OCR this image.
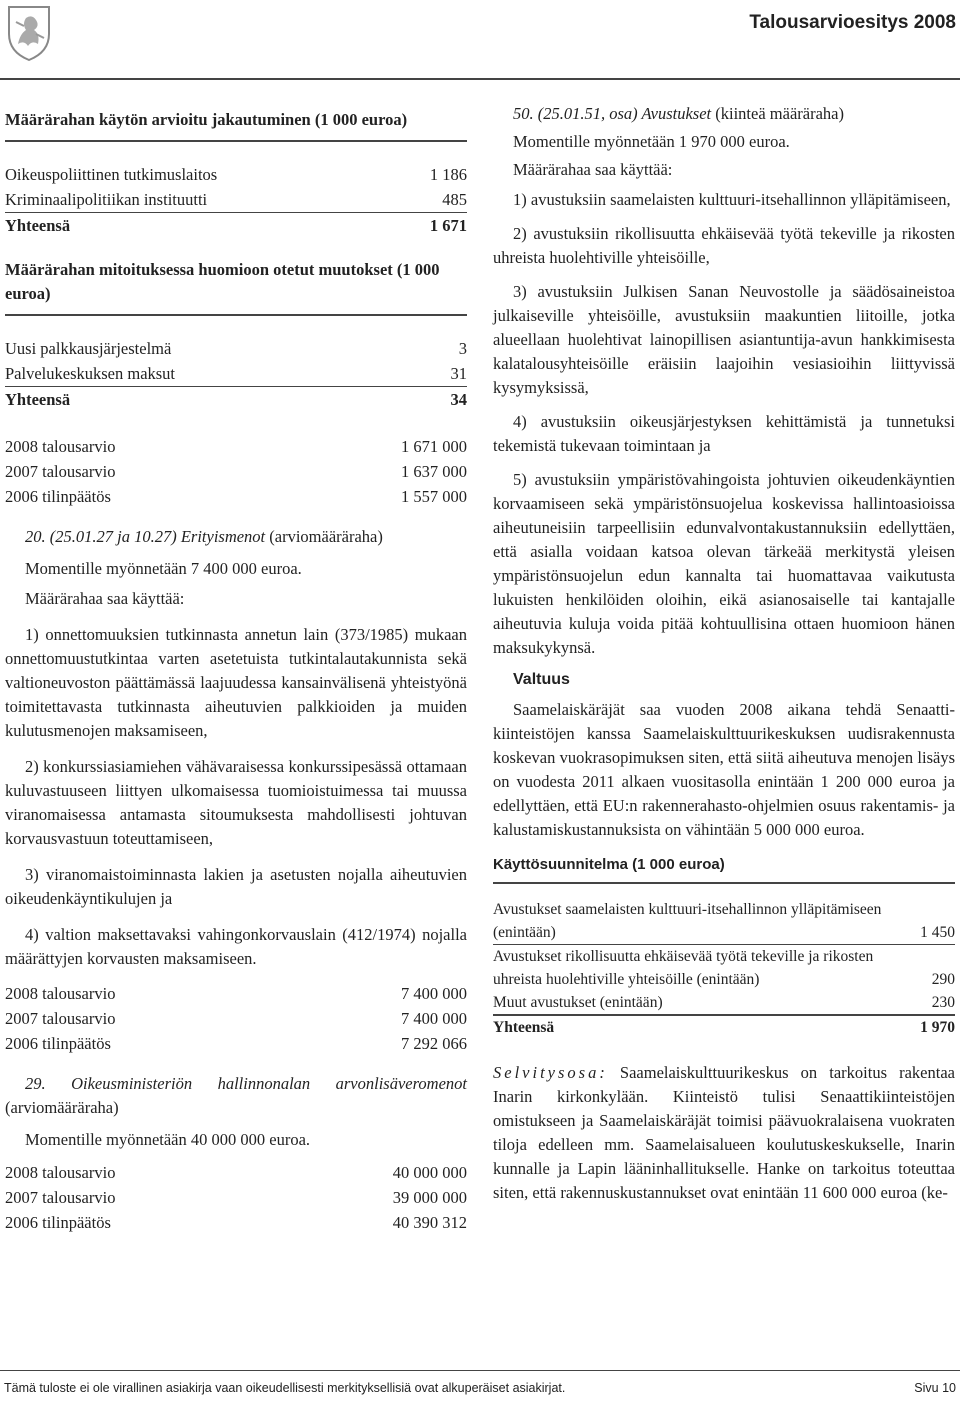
Talousarvioesitys 2008
Määrärahan käytön arvioitu jakautuminen (1 000 euroa)
Oikeuspoliittinen tutkimuslaitos	1 186
Kriminaalipolitiikan instituutti	485
Yhteensä	1 671
Määrärahan mitoituksessa huomioon otetut muutokset (1 000 euroa)
Uusi palkkausjärjestelmä	3
Palvelukeskuksen maksut	31
Yhteensä	34
2008 talousarvio	1 671 000
2007 talousarvio	1 637 000
2006 tilinpäätös	1 557 000
20. (25.01.27 ja 10.27) Erityismenot (arviomääräraha)
Momentille myönnetään 7 400 000 euroa.
Määrärahaa saa käyttää:
1) onnettomuuksien tutkinnasta annetun lain (373/1985) mukaan onnettomuustutkintaa varten asetetuista tutkintalautakunnista sekä valtioneuvoston päättämässä laajuudessa kansainvälisenä yhteistyönä toimitettavasta tutkinnasta aiheutuvien palkkioiden ja muiden kulutusmenojen maksamiseen,
2) konkurssiasiamiehen vähävaraisessa konkurssipesässä ottamaan kuluvastuuseen liittyen ulkomaisessa tuomioistuimessa tai muussa viranomaisessa antamasta sitoumuksesta mahdollisesti johtuvan korvausvastuun toteuttamiseen,
3) viranomaistoiminnasta lakien ja asetusten nojalla aiheutuvien oikeudenkäyntikulujen ja
4) valtion maksettavaksi vahingonkorvauslain (412/1974) nojalla määrättyjen korvausten maksamiseen.
2008 talousarvio	7 400 000
2007 talousarvio	7 400 000
2006 tilinpäätös	7 292 066
29. Oikeusministeriön hallinnonalan arvonlisäveromenot (arviomääräraha)
Momentille myönnetään 40 000 000 euroa.
2008 talousarvio	40 000 000
2007 talousarvio	39 000 000
2006 tilinpäätös	40 390 312
50. (25.01.51, osa) Avustukset (kiinteä määräraha)
Momentille myönnetään 1 970 000 euroa.
Määrärahaa saa käyttää:
1) avustuksiin saamelaisten kulttuuri-itsehallinnon ylläpitämiseen,
2) avustuksiin rikollisuutta ehkäisevää työtä tekeville ja rikosten uhreista huolehtiville yhteisöille,
3) avustuksiin Julkisen Sanan Neuvostolle ja säädösaineistoa julkaiseville yhteisöille, avustuksiin maakuntien liitoille, jotka alueellaan huolehtivat lainopillisen asiantuntija-avun hankkimisesta kalatalousyhteisöille eräisiin laajoihin vesiasioihin liittyvissä kysymyksissä,
4) avustuksiin oikeusjärjestyksen kehittämistä ja tunnetuksi tekemistä tukevaan toimintaan ja
5) avustuksiin ympäristövahingoista johtuvien oikeudenkäyntien korvaamiseen sekä ympäristönsuojelua koskevissa hallintoasioissa aiheutuneisiin tarpeellisiin edunvalvontakustannuksiin edellyttäen, että asialla voidaan katsoa olevan tärkeää merkitystä yleisen ympäristönsuojelun edun kannalta tai huomattavaa vaikutusta lukuisten henkilöiden oloihin, eikä asianosaiselle tai kantajalle aiheutuvia kuluja voida pitää kohtuullisina ottaen huomioon hänen maksukykynsä.
Valtuus
Saamelaiskäräjät saa vuoden 2008 aikana tehdä Senaatti-kiinteistöjen kanssa Saamelaiskulttuurikeskuksen uudisrakennusta koskevan vuokrasopimuksen siten, että siitä aiheutuva menojen lisäys on vuodesta 2011 alkaen vuositasolla enintään 1 200 000 euroa ja edellyttäen, että EU:n rakennerahasto-ohjelmien osuus rakentamis- ja kalustamiskustannuksista on vähintään 5 000 000 euroa.
Käyttösuunnitelma (1 000 euroa)
Avustukset saamelaisten kulttuuri-itsehallinnon ylläpitämiseen (enintään)	1 450
Avustukset rikollisuutta ehkäisevää työtä tekeville ja rikosten uhreista huolehtiville yhteisöille (enintään)	290
Muut avustukset (enintään)	230
Yhteensä	1 970
Selvitysosa: Saamelaiskulttuurikeskus on tarkoitus rakentaa Inarin kirkonkylään. Kiinteistö tulisi Senaattikiinteistöjen omistukseen ja Saamelaiskäräjät toimisi päävuokralaisena vuokraten tiloja edelleen mm. Saamelaisalueen koulutuskeskukselle, Inarin kunnalle ja Lapin lääninhallitukselle. Hanke on tarkoitus toteuttaa siten, että rakennuskustannukset ovat enintään 11 600 000 euroa (ke-
Tämä tuloste ei ole virallinen asiakirja vaan oikeudellisesti merkityksellisiä ovat alkuperäiset asiakirjat.	Sivu 10
